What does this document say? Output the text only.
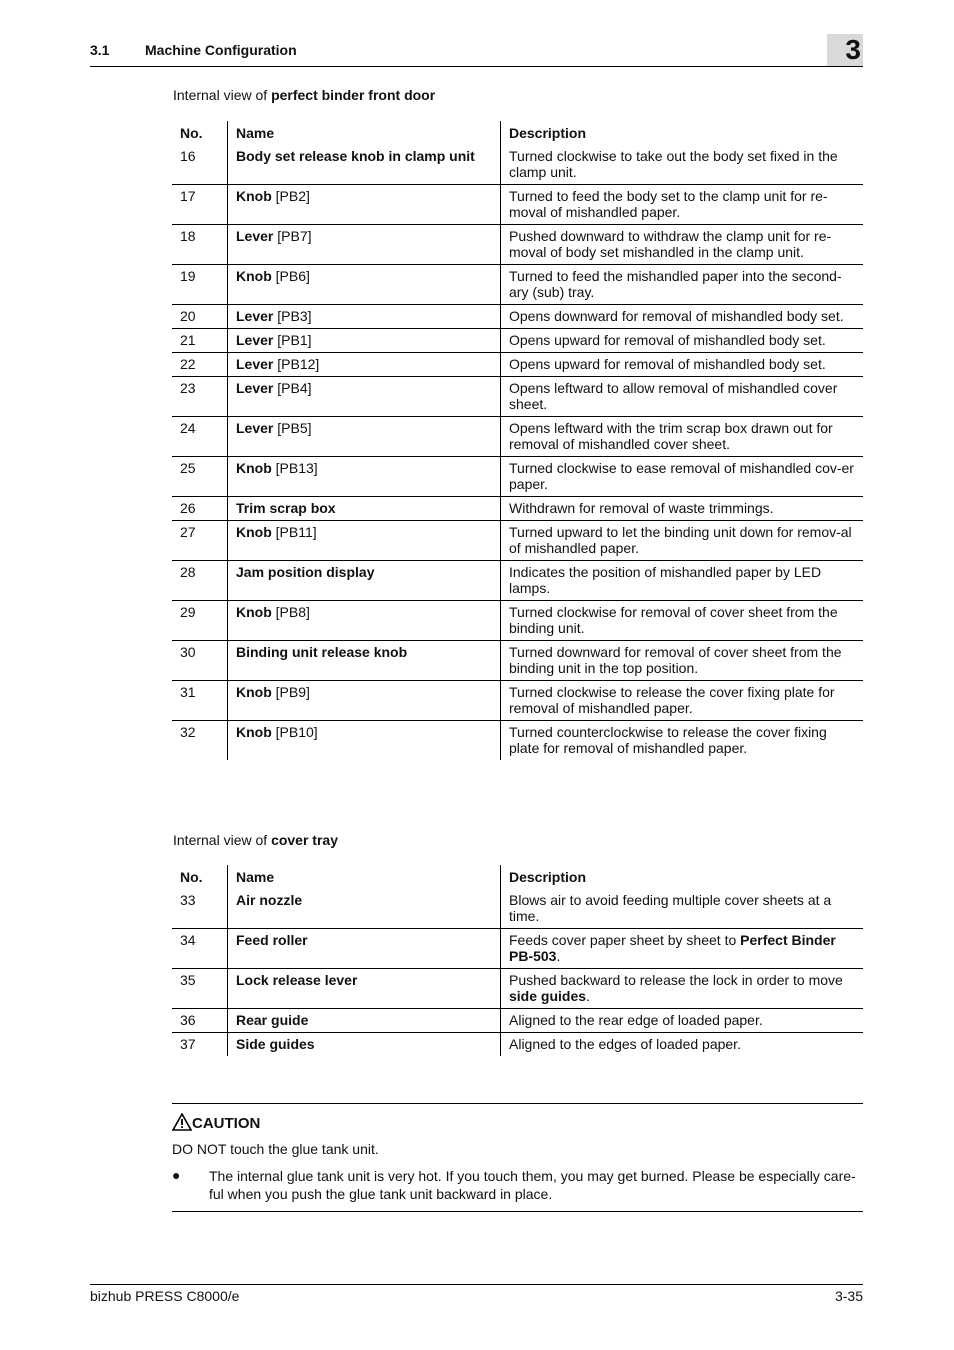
3.1	Machine Configuration	3
Internal view of perfect binder front door
No.	Name	Description
16	Body set release knob in clamp unit	Turned clockwise to take out the body set fixed in the clamp unit.
17	Knob [PB2]	Turned to feed the body set to the clamp unit for re-moval of mishandled paper.
18	Lever [PB7]	Pushed downward to withdraw the clamp unit for re-moval of body set mishandled in the clamp unit.
19	Knob [PB6]	Turned to feed the mishandled paper into the second-ary (sub) tray.
20	Lever [PB3]	Opens downward for removal of mishandled body set.
21	Lever [PB1]	Opens upward for removal of mishandled body set.
22	Lever [PB12]	Opens upward for removal of mishandled body set.
23	Lever [PB4]	Opens leftward to allow removal of mishandled cover sheet.
24	Lever [PB5]	Opens leftward with the trim scrap box drawn out for removal of mishandled cover sheet.
25	Knob [PB13]	Turned clockwise to ease removal of mishandled cov-er paper.
26	Trim scrap box	Withdrawn for removal of waste trimmings.
27	Knob [PB11]	Turned upward to let the binding unit down for remov-al of mishandled paper.
28	Jam position display	Indicates the position of mishandled paper by LED lamps.
29	Knob [PB8]	Turned clockwise for removal of cover sheet from the binding unit.
30	Binding unit release knob	Turned downward for removal of cover sheet from the binding unit in the top position.
31	Knob [PB9]	Turned clockwise to release the cover fixing plate for removal of mishandled paper.
32	Knob [PB10]	Turned counterclockwise to release the cover fixing plate for removal of mishandled paper.
Internal view of cover tray
No.	Name	Description
33	Air nozzle	Blows air to avoid feeding multiple cover sheets at a time.
34	Feed roller	Feeds cover paper sheet by sheet to Perfect Binder PB-503.
35	Lock release lever	Pushed backward to release the lock in order to move side guides.
36	Rear guide	Aligned to the rear edge of loaded paper.
37	Side guides	Aligned to the edges of loaded paper.
CAUTION
DO NOT touch the glue tank unit.
● The internal glue tank unit is very hot. If you touch them, you may get burned. Please be especially care-ful when you push the glue tank unit backward in place.
bizhub PRESS C8000/e	3-35
